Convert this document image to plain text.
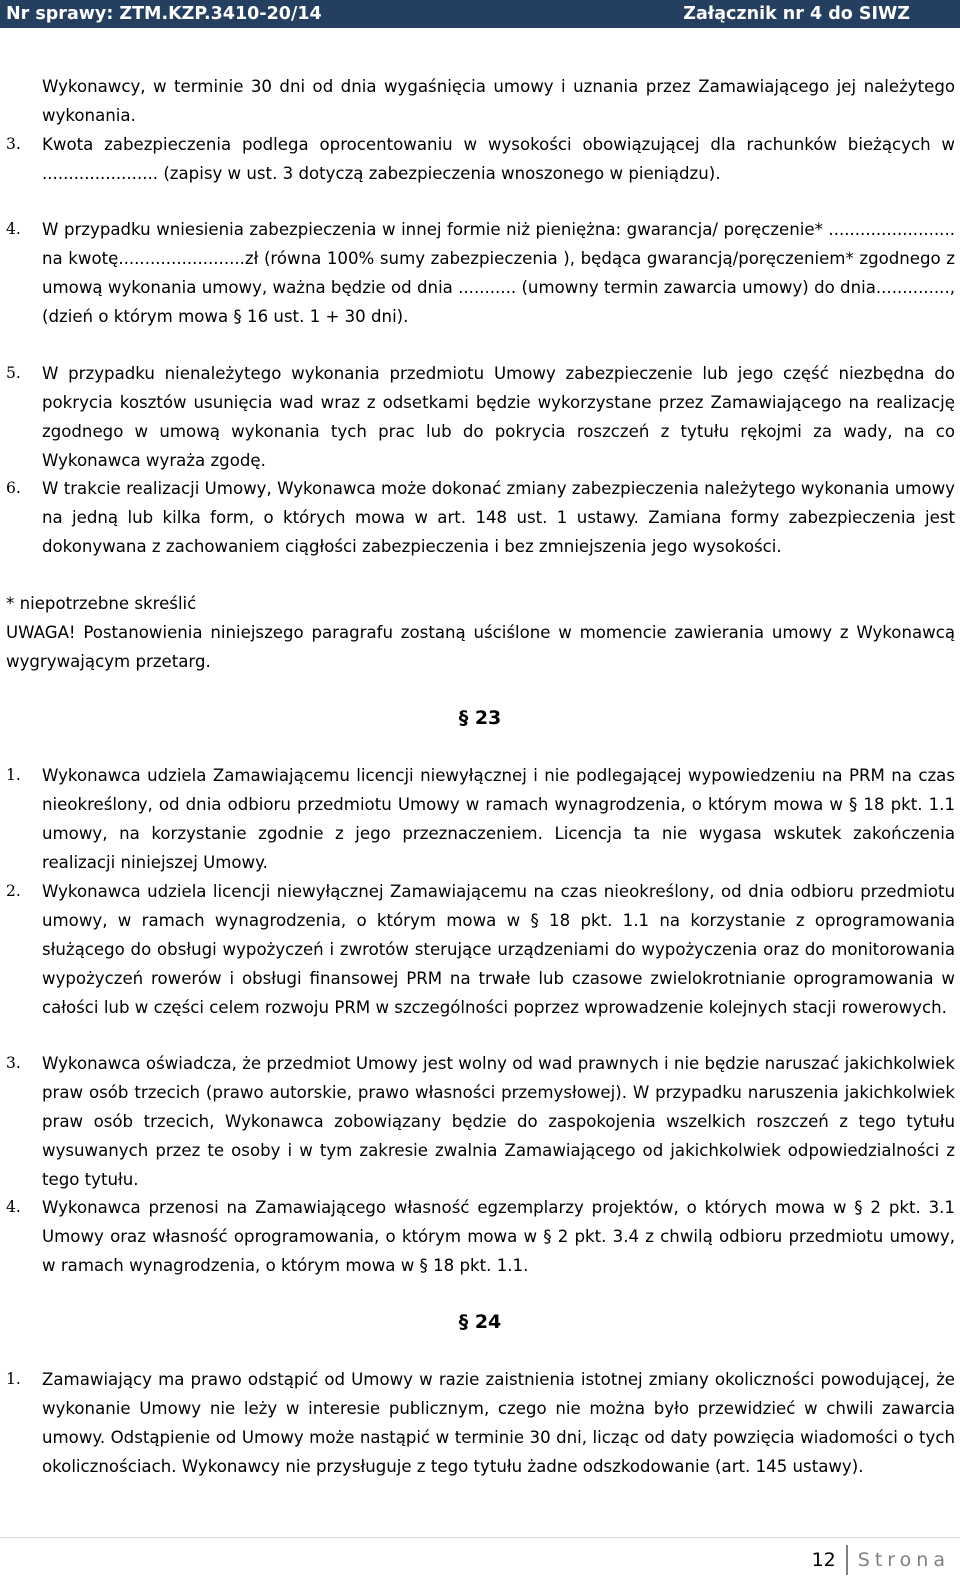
Nr sprawy: ZTM.KZP.3410-20/14	Załącznik nr 4 do SIWZ
Wykonawcy, w terminie 30 dni od dnia wygaśnięcia umowy i uznania przez Zamawiającego jej należytego wykonania.
3.	Kwota zabezpieczenia podlega oprocentowaniu w wysokości obowiązującej dla rachunków bieżących w ...................... (zapisy w ust. 3 dotyczą zabezpieczenia wnoszonego w pieniądzu).
4.	W przypadku wniesienia zabezpieczenia w innej formie niż pieniężna: gwarancja/ poręczenie* ........................ na kwotę........................zł (równa 100% sumy zabezpieczenia ), będąca gwarancją/poręczeniem* zgodnego z umową wykonania umowy, ważna będzie od dnia ........... (umowny termin zawarcia umowy) do dnia.............., (dzień o którym mowa § 16 ust. 1 + 30 dni).
5.	W przypadku nienależytego wykonania przedmiotu Umowy zabezpieczenie lub jego część niezbędna do pokrycia kosztów usunięcia wad wraz z odsetkami będzie wykorzystane przez Zamawiającego na realizację zgodnego w umową wykonania tych prac lub do pokrycia roszczeń z tytułu rękojmi za wady, na co Wykonawca wyraża zgodę.
6.	W trakcie realizacji Umowy, Wykonawca może dokonać zmiany zabezpieczenia należytego wykonania umowy na jedną lub kilka form, o których mowa w art. 148 ust. 1 ustawy. Zamiana formy zabezpieczenia jest dokonywana z zachowaniem ciągłości zabezpieczenia i bez zmniejszenia jego wysokości.
* niepotrzebne skreślić
UWAGA! Postanowienia niniejszego paragrafu zostaną uściślone w momencie zawierania umowy z Wykonawcą wygrywającym przetarg.
§ 23
1.	Wykonawca udziela Zamawiającemu licencji niewyłącznej i nie podlegającej wypowiedzeniu na PRM na czas nieokreślony, od dnia odbioru przedmiotu Umowy w ramach wynagrodzenia, o którym mowa w § 18 pkt. 1.1 umowy, na korzystanie zgodnie z jego przeznaczeniem. Licencja ta nie wygasa wskutek zakończenia realizacji niniejszej Umowy.
2.	Wykonawca udziela licencji niewyłącznej Zamawiającemu na czas nieokreślony, od dnia odbioru przedmiotu umowy, w ramach wynagrodzenia, o którym mowa w § 18 pkt. 1.1 na korzystanie z oprogramowania służącego do obsługi wypożyczeń i zwrotów sterujące urządzeniami do wypożyczenia oraz do monitorowania wypożyczeń rowerów i obsługi finansowej PRM na trwałe lub czasowe zwielokrotnianie oprogramowania w całości lub w części celem rozwoju PRM w szczególności poprzez wprowadzenie kolejnych stacji rowerowych.
3.	Wykonawca oświadcza, że przedmiot Umowy jest wolny od wad prawnych i nie będzie naruszać jakichkolwiek praw osób trzecich (prawo autorskie, prawo własności przemysłowej). W przypadku naruszenia jakichkolwiek praw osób trzecich, Wykonawca zobowiązany będzie do zaspokojenia wszelkich roszczeń z tego tytułu wysuwanych przez te osoby i w tym zakresie zwalnia Zamawiającego od jakichkolwiek odpowiedzialności z tego tytułu.
4.	Wykonawca przenosi na Zamawiającego własność egzemplarzy projektów, o których mowa w § 2 pkt. 3.1 Umowy oraz własność oprogramowania, o którym mowa w § 2 pkt. 3.4 z chwilą odbioru przedmiotu umowy, w ramach wynagrodzenia, o którym mowa w § 18 pkt. 1.1.
§ 24
1.	Zamawiający ma prawo odstąpić od Umowy w razie zaistnienia istotnej zmiany okoliczności powodującej, że wykonanie Umowy nie leży w interesie publicznym, czego nie można było przewidzieć w chwili zawarcia umowy. Odstąpienie od Umowy może nastąpić w terminie 30 dni, licząc od daty powzięcia wiadomości o tych okolicznościach. Wykonawcy nie przysługuje z tego tytułu żadne odszkodowanie (art. 145 ustawy).
12 Strona
